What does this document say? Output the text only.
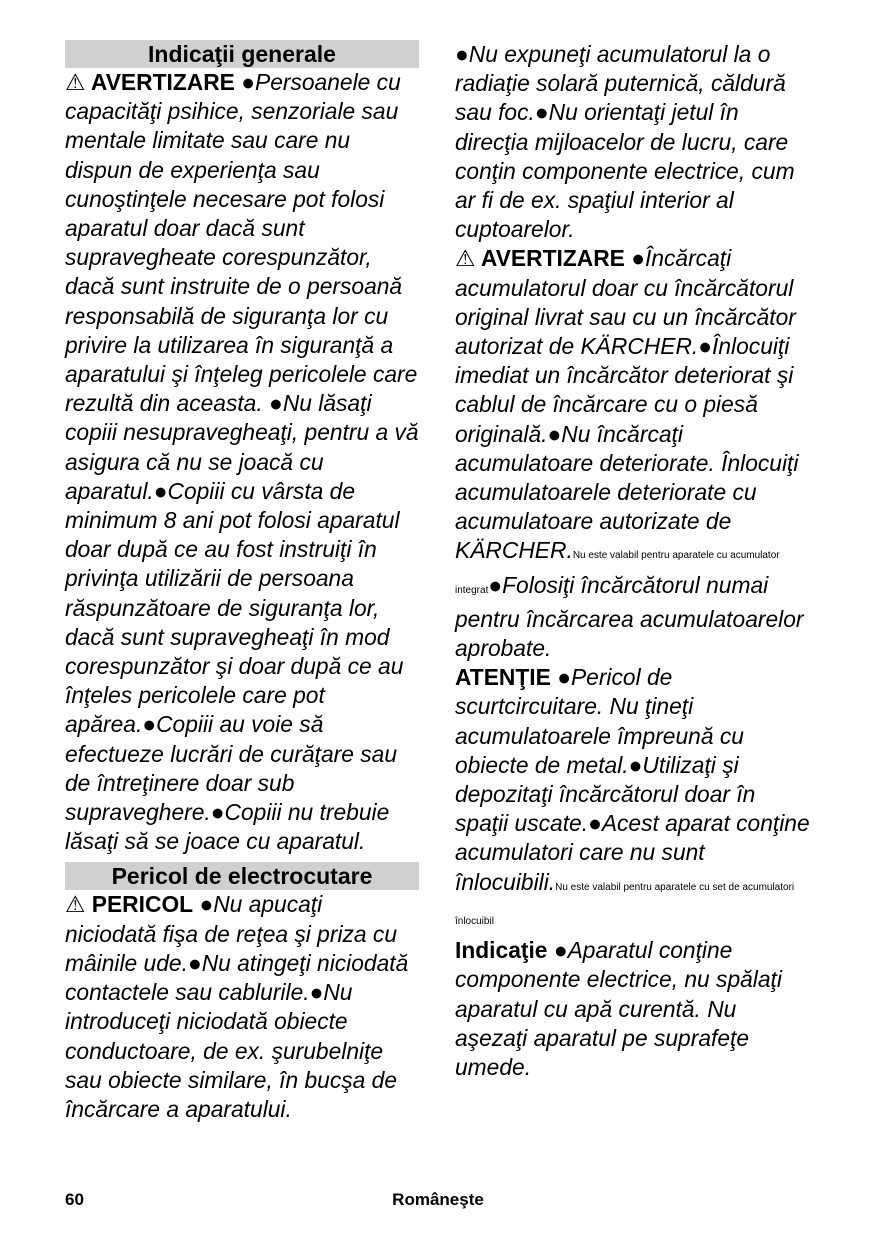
Indicaţii generale

⚠ AVERTIZARE ●Persoanele cu capacităţi psihice, senzoriale sau mentale limitate sau care nu dispun de experienţa sau cunoştinţele necesare pot folosi aparatul doar dacă sunt supravegheate corespunzător, dacă sunt instruite de o persoană responsabilă de siguranţa lor cu privire la utilizarea în siguranţă a aparatului şi înţeleg pericolele care rezultă din aceasta. ●Nu lăsaţi copiii nesupravegheaţi, pentru a vă asigura că nu se joacă cu aparatul.●Copiii cu vârsta de minimum 8 ani pot folosi aparatul doar după ce au fost instruiţi în privinţa utilizării de persoana răspunzătoare de siguranţa lor, dacă sunt supravegheaţi în mod corespunzător şi doar după ce au înţeles pericolele care pot apărea.●Copiii au voie să efectueze lucrări de curăţare sau de întreţinere doar sub supraveghere.●Copiii nu trebuie lăsaţi să se joace cu aparatul.

Pericol de electrocutare

⚠ PERICOL ●Nu apucaţi niciodată fişa de reţea şi priza cu mâinile ude.●Nu atingeţi niciodată contactele sau cablurile.●Nu introduceţi niciodată obiecte conductoare, de ex. şurubelniţe sau obiecte similare, în bucşa de încărcare a aparatului.

●Nu expuneţi acumulatorul la o radiaţie solară puternică, căldură sau foc.●Nu orientaţi jetul în direcţia mijloacelor de lucru, care conţin componente electrice, cum ar fi de ex. spaţiul interior al cuptoarelor.

⚠ AVERTIZARE ●Încărcaţi acumulatorul doar cu încărcătorul original livrat sau cu un încărcător autorizat de KÄRCHER.●Înlocuiţi imediat un încărcător deteriorat şi cablul de încărcare cu o piesă originală.●Nu încărcaţi acumulatoare deteriorate. Înlocuiţi acumulatoarele deteriorate cu acumulatoare autorizate de KÄRCHER.Nu este valabil pentru aparatele cu acumulator integrat●Folosiţi încărcătorul numai pentru încărcarea acumulatoarelor aprobate.

ATENŢIE ●Pericol de scurtcircuitare. Nu ţineţi acumulatoarele împreună cu obiecte de metal.●Utilizaţi şi depozitaţi încărcătorul doar în spaţii uscate.●Acest aparat conţine acumulatori care nu sunt înlocuibili.Nu este valabil pentru aparatele cu set de acumulatori înlocuibil

Indicaţie ●Aparatul conţine componente electrice, nu spălaţi aparatul cu apă curentă. Nu aşezaţi aparatul pe suprafeţe umede.

60	Româneşte
